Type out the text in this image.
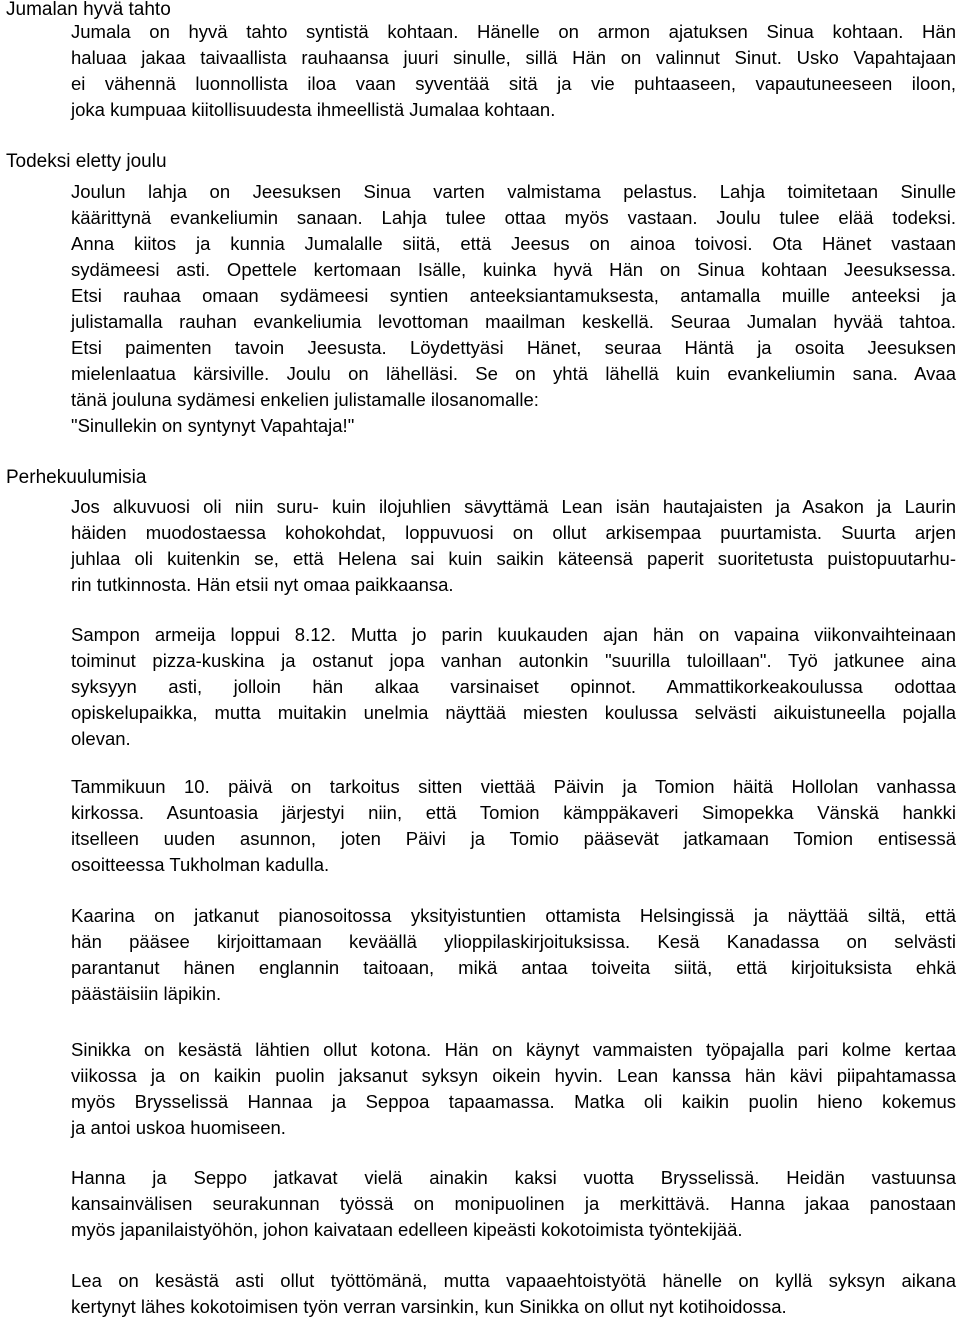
Jumalan hyvä tahto
Jumala on hyvä tahto syntistä kohtaan. Hänelle on armon ajatuksen Sinua kohtaan. Hän
haluaa jakaa taivaallista rauhaansa juuri sinulle, sillä Hän on valinnut Sinut. Usko Vapahtajaan
ei vähennä luonnollista iloa vaan syventää sitä ja vie puhtaaseen, vapautuneeseen iloon,
joka kumpuaa kiitollisuudesta ihmeellistä Jumalaa kohtaan.
Todeksi eletty joulu
Joulun lahja on Jeesuksen Sinua varten valmistama pelastus. Lahja toimitetaan Sinulle
käärittynä evankeliumin sanaan. Lahja tulee ottaa myös vastaan. Joulu tulee elää todeksi.
Anna kiitos ja kunnia Jumalalle siitä, että Jeesus on ainoa toivosi. Ota Hänet vastaan
sydämeesi asti. Opettele kertomaan Isälle, kuinka hyvä Hän on Sinua kohtaan Jeesuksessa.
Etsi rauhaa omaan sydämeesi syntien anteeksiantamuksesta, antamalla muille anteeksi ja
julistamalla rauhan evankeliumia levottoman maailman keskellä. Seuraa Jumalan hyvää tahtoa.
Etsi paimenten tavoin Jeesusta. Löydettyäsi Hänet, seuraa Häntä ja osoita Jeesuksen
mielenlaatua kärsiville. Joulu on lähelläsi. Se on yhtä lähellä kuin evankeliumin sana. Avaa
tänä jouluna sydämesi enkelien julistamalle ilosanomalle:
"Sinullekin on syntynyt Vapahtaja!"
Perhekuulumisia
Jos alkuvuosi oli niin suru- kuin ilojuhlien sävyttämä Lean isän hautajaisten ja Asakon ja Laurin
häiden muodostaessa kohokohdat, loppuvuosi on ollut arkisempaa puurtamista. Suurta arjen
juhlaa oli kuitenkin se, että Helena sai kuin saikin käteensä paperit suoritetusta puistopuutarhu-
rin tutkinnosta. Hän etsii nyt omaa paikkaansa.
Sampon armeija loppui 8.12. Mutta jo parin kuukauden ajan hän on vapaina viikonvaihteinaan
toiminut pizza-kuskina ja ostanut jopa vanhan autonkin "suurilla tuloillaan". Työ jatkunee aina
syksyyn asti, jolloin hän alkaa varsinaiset opinnot. Ammattikorkeakoulussa odottaa
opiskelupaikka, mutta muitakin unelmia näyttää miesten koulussa selvästi aikuistuneella pojalla
olevan.
Tammikuun 10. päivä on tarkoitus sitten viettää Päivin ja Tomion häitä Hollolan vanhassa
kirkossa. Asuntoasia järjestyi niin, että Tomion kämppäkaveri Simopekka Vänskä hankki
itselleen uuden asunnon, joten Päivi ja Tomio pääsevät jatkamaan Tomion entisessä
osoitteessa Tukholman kadulla.
Kaarina on jatkanut pianosoitossa yksityistuntien ottamista Helsingissä ja näyttää siltä, että
hän pääsee kirjoittamaan keväällä ylioppilaskirjoituksissa. Kesä Kanadassa on selvästi
parantanut hänen englannin taitoaan, mikä antaa toiveita siitä, että kirjoituksista ehkä
päästäisiin läpikin.
Sinikka on kesästä lähtien ollut kotona. Hän on käynyt vammaisten työpajalla pari kolme kertaa
viikossa ja on kaikin puolin jaksanut syksyn oikein hyvin. Lean kanssa hän kävi piipahtamassa
myös Brysselissä Hannaa ja Seppoa tapaamassa. Matka oli kaikin puolin hieno kokemus
ja antoi uskoa huomiseen.
Hanna ja Seppo jatkavat vielä ainakin kaksi vuotta Brysselissä. Heidän vastuunsa
kansainvälisen seurakunnan työssä on monipuolinen ja merkittävä. Hanna jakaa panostaan
myös japanilaistyöhön, johon kaivataan edelleen kipeästi kokotoimista työntekijää.
Lea on kesästä asti ollut työttömänä, mutta vapaaehtoistyötä hänelle on kyllä syksyn aikana
kertynyt lähes kokotoimisen työn verran varsinkin, kun Sinikka on ollut nyt kotihoidossa.
